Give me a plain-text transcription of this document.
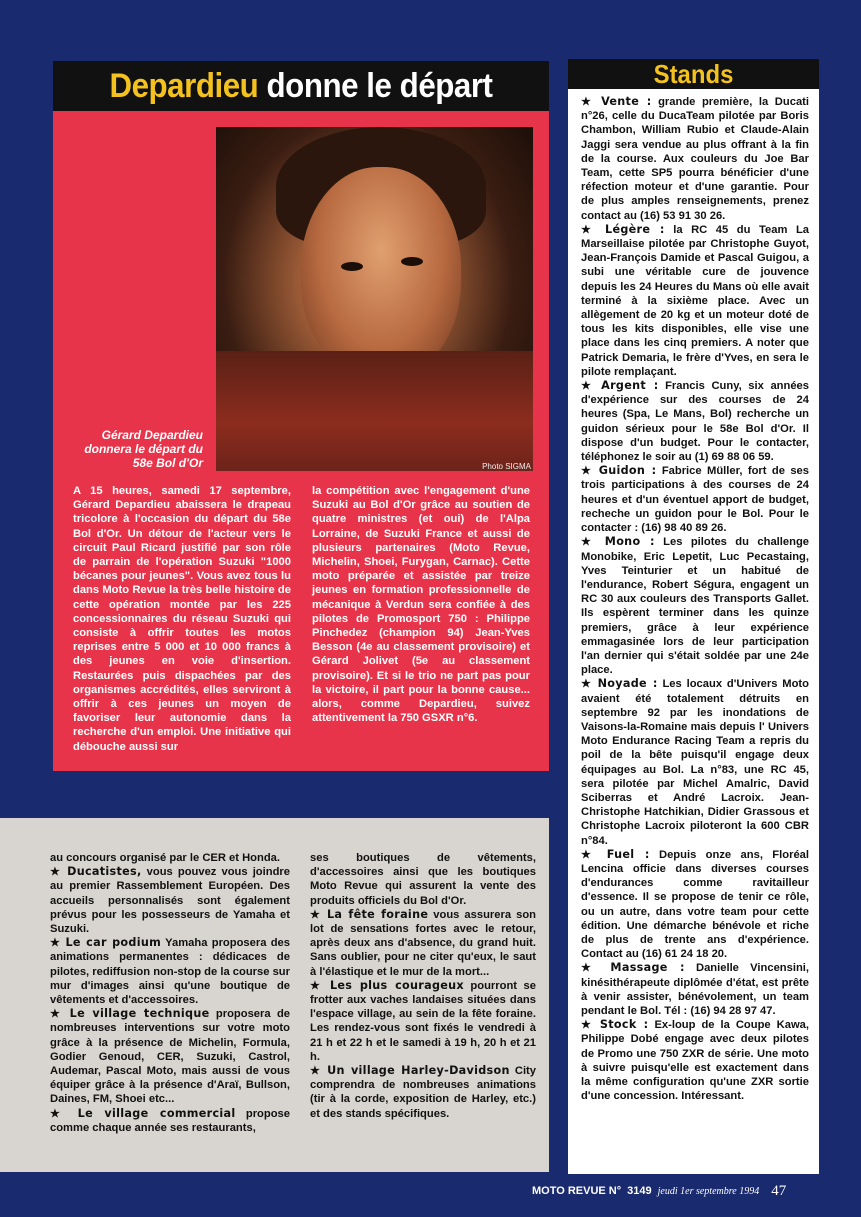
Depardieu donne le départ
Photo SIGMA
Gérard Depardieu donnera le départ du 58e Bol d'Or
A 15 heures, samedi 17 septembre, Gérard Depardieu abaissera le drapeau tricolore à l'occasion du départ du 58e Bol d'Or. Un détour de l'acteur vers le circuit Paul Ricard justifié par son rôle de parrain de l'opération Suzuki "1000 bécanes pour jeunes". Vous avez tous lu dans Moto Revue la très belle histoire de cette opération montée par les 225 concessionnaires du réseau Suzuki qui consiste à offrir toutes les motos reprises entre 5 000 et 10 000 francs à des jeunes en voie d'insertion. Restaurées puis dispachées par des organismes accrédités, elles serviront à offrir à ces jeunes un moyen de favoriser leur autonomie dans la recherche d'un emploi. Une initiative qui débouche aussi sur
la compétition avec l'engagement d'une Suzuki au Bol d'Or grâce au soutien de quatre ministres (et oui) de l'Alpa Lorraine, de Suzuki France et aussi de plusieurs partenaires (Moto Revue, Michelin, Shoei, Furygan, Carnac). Cette moto préparée et assistée par treize jeunes en formation professionnelle de mécanique à Verdun sera confiée à des pilotes de Promosport 750 : Philippe Pinchedez (champion 94) Jean-Yves Besson (4e au classement provisoire) et Gérard Jolivet (5e au classement provisoire). Et si le trio ne part pas pour la victoire, il part pour la bonne cause... alors, comme Depardieu, suivez attentivement la 750 GSXR n°6.
Stands

★ Vente : grande première, la Ducati n°26, celle du DucaTeam pilotée par Boris Chambon, William Rubio et Claude-Alain Jaggi sera vendue au plus offrant à la fin de la course. Aux couleurs du Joe Bar Team, cette SP5 pourra bénéficier d'une réfection moteur et d'une garantie. Pour de plus amples renseignements, prenez contact au (16) 53 91 30 26.

★ Légère : la RC 45 du Team La Marseillaise pilotée par Christophe Guyot, Jean-François Damide et Pascal Guigou, a subi une véritable cure de jouvence depuis les 24 Heures du Mans où elle avait terminé à la sixième place. Avec un allègement de 20 kg et un moteur doté de tous les kits disponibles, elle vise une place dans les cinq premiers. A noter que Patrick Demaria, le frère d'Yves, en sera le pilote remplaçant.

★ Argent : Francis Cuny, six années d'expérience sur des courses de 24 heures (Spa, Le Mans, Bol) recherche un guidon sérieux pour le 58e Bol d'Or. Il dispose d'un budget. Pour le contacter, téléphonez le soir au (1) 69 88 06 59.

★ Guidon : Fabrice Müller, fort de ses trois participations à des courses de 24 heures et d'un éventuel apport de budget, recheche un guidon pour le Bol. Pour le contacter : (16) 98 40 89 26.

★ Mono : Les pilotes du challenge Monobike, Eric Lepetit, Luc Pecastaing, Yves Teinturier et un habitué de l'endurance, Robert Ségura, engagent un RC 30 aux couleurs des Transports Gallet. Ils espèrent terminer dans les quinze premiers, grâce à leur expérience emmagasinée lors de leur participation l'an dernier qui s'était soldée par une 24e place.

★ Noyade : Les locaux d'Univers Moto avaient été totalement détruits en septembre 92 par les inondations de Vaisons-la-Romaine mais depuis l' Univers Moto Endurance Racing Team a repris du poil de la bête puisqu'il engage deux équipages au Bol. La n°83, une RC 45, sera pilotée par Michel Amalric, David Sciberras et André Lacroix. Jean-Christophe Hatchikian, Didier Grassous et Christophe Lacroix piloteront la 600 CBR n°84.

★ Fuel : Depuis onze ans, Floréal Lencina officie dans diverses courses d'endurances comme ravitailleur d'essence. Il se propose de tenir ce rôle, ou un autre, dans votre team pour cette édition. Une démarche bénévole et riche de plus de trente ans d'expérience. Contact au (16) 61 24 18 20.

★ Massage : Danielle Vincensini, kinésithérapeute diplômée d'état, est prête à venir assister, bénévolement, un team pendant le Bol. Tél : (16) 94 28 97 47.

★ Stock : Ex-loup de la Coupe Kawa, Philippe Dobé engage avec deux pilotes de Promo une 750 ZXR de série. Une moto à suivre puisqu'elle est exactement dans la même configuration qu'une ZXR sortie d'une concession. Intéressant.

au concours organisé par le CER et Honda.

★ Ducatistes, vous pouvez vous joindre au premier Rassemblement Européen. Des accueils personnalisés sont également prévus pour les possesseurs de Yamaha et Suzuki.

★ Le car podium Yamaha proposera des animations permanentes : dédicaces de pilotes, rediffusion non-stop de la course sur mur d'images ainsi qu'une boutique de vêtements et d'accessoires.

★ Le village technique proposera de nombreuses interventions sur votre moto grâce à la présence de Michelin, Formula, Godier Genoud, CER, Suzuki, Castrol, Audemar, Pascal Moto, mais aussi de vous équiper grâce à la présence d'Araï, Bullson, Daines, FM, Shoei etc...

★ Le village commercial propose comme chaque année ses restaurants,

ses boutiques de vêtements, d'accessoires ainsi que les boutiques Moto Revue qui assurent la vente des produits officiels du Bol d'Or.

★ La fête foraine vous assurera son lot de sensations fortes avec le retour, après deux ans d'absence, du grand huit. Sans oublier, pour ne citer qu'eux, le saut à l'élastique et le mur de la mort...

★ Les plus courageux pourront se frotter aux vaches landaises situées dans l'espace village, au sein de la fête foraine. Les rendez-vous sont fixés le vendredi à 21 h et 22 h et le samedi à 19 h, 20 h et 21 h.

★ Un village Harley-Davidson City comprendra de nombreuses animations (tir à la corde, exposition de Harley, etc.) et des stands spécifiques.

MOTO REVUE N° 3149 jeudi 1er septembre 1994 47
